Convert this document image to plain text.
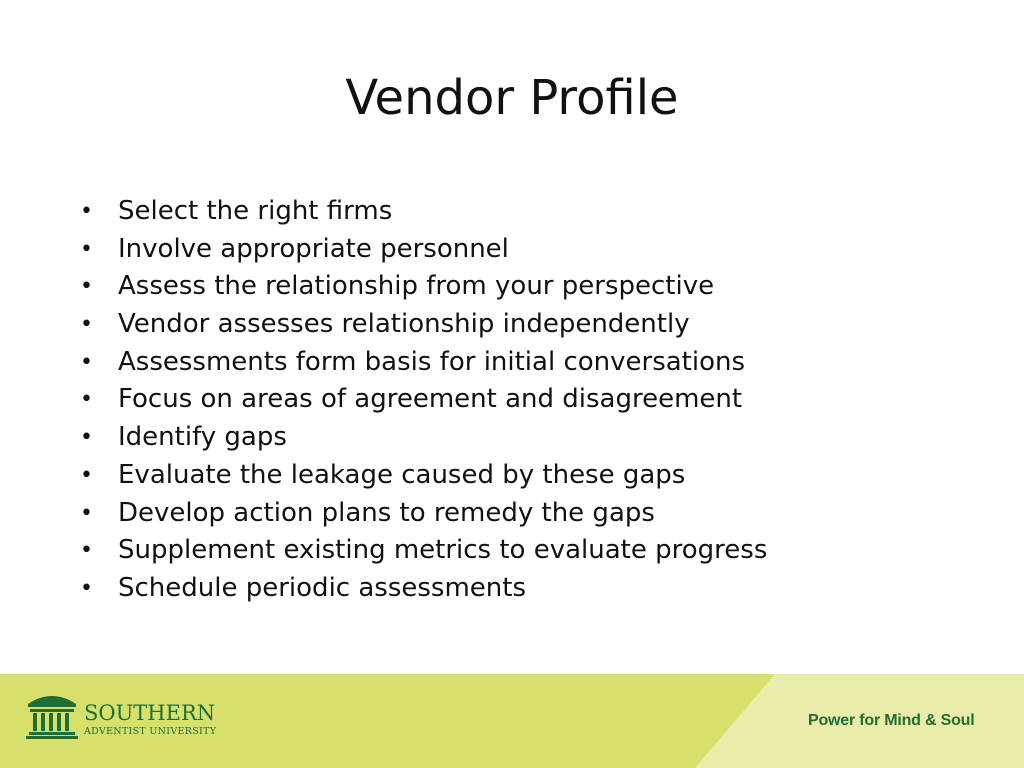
Vendor Profile
• Select the right firms
• Involve appropriate personnel
• Assess the relationship from your perspective
• Vendor assesses relationship independently
• Assessments form basis for initial conversations
• Focus on areas of agreement and disagreement
• Identify gaps
• Evaluate the leakage caused by these gaps
• Develop action plans to remedy the gaps
• Supplement existing metrics to evaluate progress
• Schedule periodic assessments
SOUTHERN
ADVENTIST UNIVERSITY
Power for Mind & Soul
